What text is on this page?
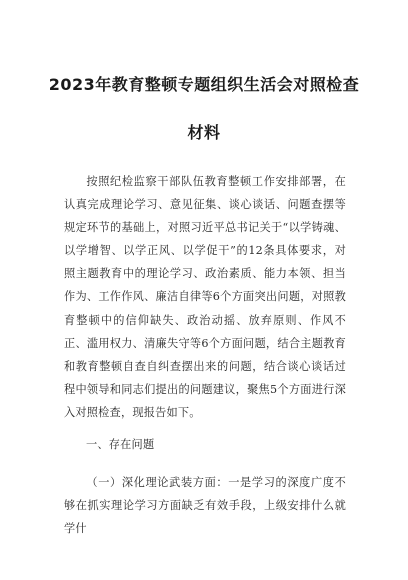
2023年教育整顿专题组织生活会对照检查
材料
按照纪检监察干部队伍教育整顿工作安排部署，在认真完成理论学习、意见征集、谈心谈话、问题查摆等规定环节的基础上，对照习近平总书记关于“以学铸魂、以学增智、以学正风、以学促干”的12条具体要求，对照主题教育中的理论学习、政治素质、能力本领、担当作为、工作作风、廉洁自律等6个方面突出问题，对照教育整顿中的信仰缺失、政治动摇、放弃原则、作风不正、滥用权力、清廉失守等6个方面问题，结合主题教育和教育整顿自查自纠查摆出来的问题，结合谈心谈话过程中领导和同志们提出的问题建议，聚焦5个方面进行深入对照检查，现报告如下。
一、存在问题
（一）深化理论武装方面：一是学习的深度广度不够在抓实理论学习方面缺乏有效手段，上级安排什么就学什
